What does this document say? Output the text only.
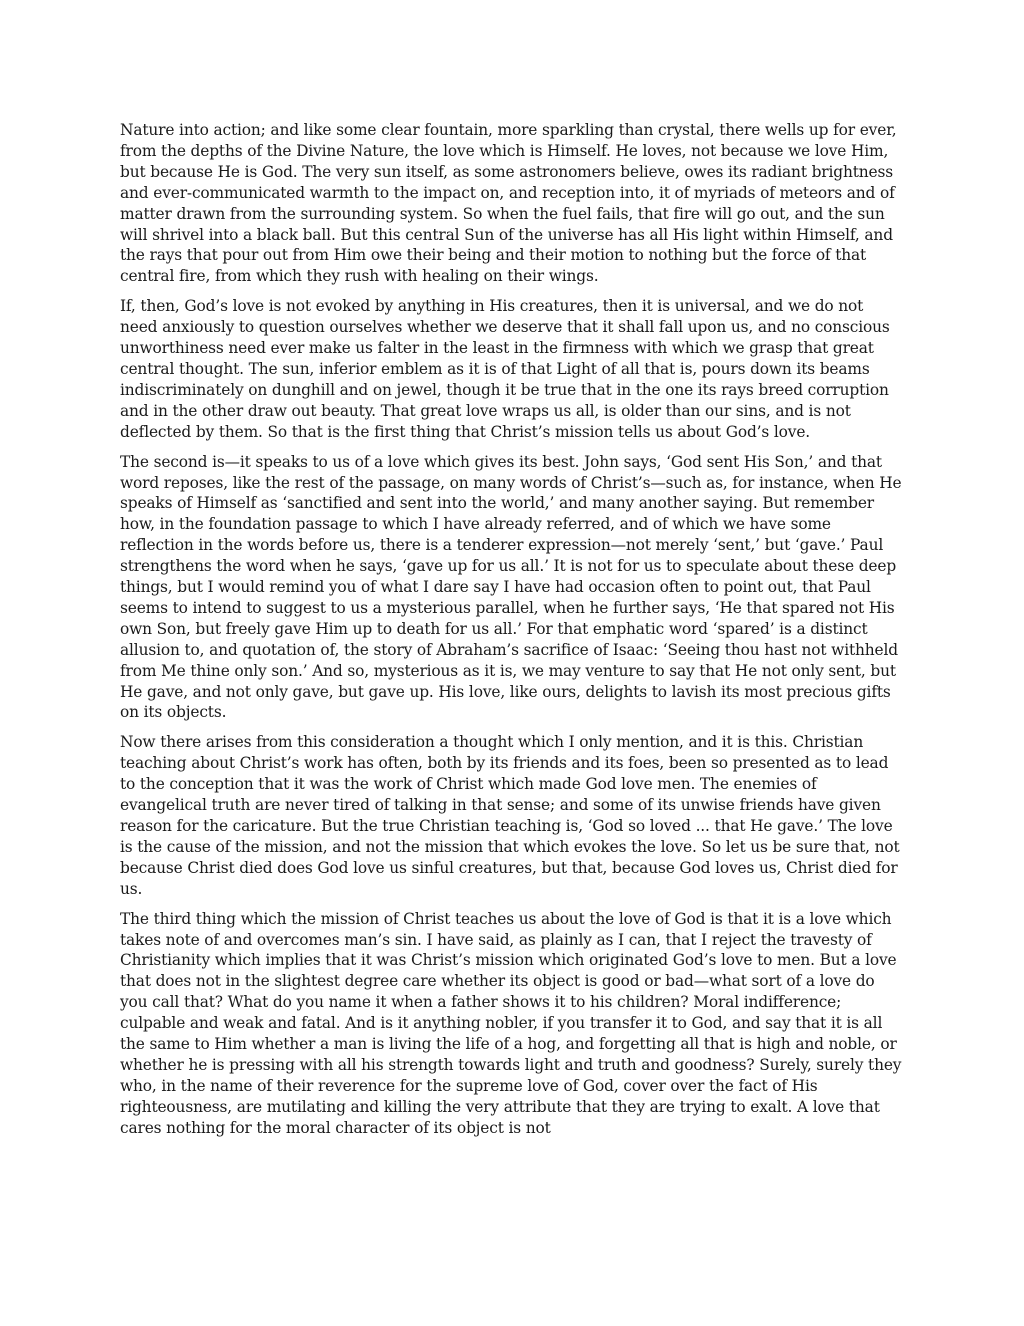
Nature into action; and like some clear fountain, more sparkling than crystal, there wells up for ever, from the depths of the Divine Nature, the love which is Himself. He loves, not because we love Him, but because He is God. The very sun itself, as some astronomers believe, owes its radiant brightness and ever-communicated warmth to the impact on, and reception into, it of myriads of meteors and of matter drawn from the surrounding system. So when the fuel fails, that fire will go out, and the sun will shrivel into a black ball. But this central Sun of the universe has all His light within Himself, and the rays that pour out from Him owe their being and their motion to nothing but the force of that central fire, from which they rush with healing on their wings.

If, then, God’s love is not evoked by anything in His creatures, then it is universal, and we do not need anxiously to question ourselves whether we deserve that it shall fall upon us, and no conscious unworthiness need ever make us falter in the least in the firmness with which we grasp that great central thought. The sun, inferior emblem as it is of that Light of all that is, pours down its beams indiscriminately on dunghill and on jewel, though it be true that in the one its rays breed corruption and in the other draw out beauty. That great love wraps us all, is older than our sins, and is not deflected by them. So that is the first thing that Christ’s mission tells us about God’s love.

The second is—it speaks to us of a love which gives its best. John says, ‘God sent His Son,’ and that word reposes, like the rest of the passage, on many words of Christ’s—such as, for instance, when He speaks of Himself as ‘sanctified and sent into the world,’ and many another saying. But remember how, in the foundation passage to which I have already referred, and of which we have some reflection in the words before us, there is a tenderer expression—not merely ‘sent,’ but ‘gave.’ Paul strengthens the word when he says, ‘gave up for us all.’ It is not for us to speculate about these deep things, but I would remind you of what I dare say I have had occasion often to point out, that Paul seems to intend to suggest to us a mysterious parallel, when he further says, ‘He that spared not His own Son, but freely gave Him up to death for us all.’ For that emphatic word ‘spared’ is a distinct allusion to, and quotation of, the story of Abraham’s sacrifice of Isaac: ‘Seeing thou hast not withheld from Me thine only son.’ And so, mysterious as it is, we may venture to say that He not only sent, but He gave, and not only gave, but gave up. His love, like ours, delights to lavish its most precious gifts on its objects.

Now there arises from this consideration a thought which I only mention, and it is this. Christian teaching about Christ’s work has often, both by its friends and its foes, been so presented as to lead to the conception that it was the work of Christ which made God love men. The enemies of evangelical truth are never tired of talking in that sense; and some of its unwise friends have given reason for the caricature. But the true Christian teaching is, ‘God so loved ... that He gave.’ The love is the cause of the mission, and not the mission that which evokes the love. So let us be sure that, not because Christ died does God love us sinful creatures, but that, because God loves us, Christ died for us.

The third thing which the mission of Christ teaches us about the love of God is that it is a love which takes note of and overcomes man’s sin. I have said, as plainly as I can, that I reject the travesty of Christianity which implies that it was Christ’s mission which originated God’s love to men. But a love that does not in the slightest degree care whether its object is good or bad—what sort of a love do you call that? What do you name it when a father shows it to his children? Moral indifference; culpable and weak and fatal. And is it anything nobler, if you transfer it to God, and say that it is all the same to Him whether a man is living the life of a hog, and forgetting all that is high and noble, or whether he is pressing with all his strength towards light and truth and goodness? Surely, surely they who, in the name of their reverence for the supreme love of God, cover over the fact of His righteousness, are mutilating and killing the very attribute that they are trying to exalt. A love that cares nothing for the moral character of its object is not
